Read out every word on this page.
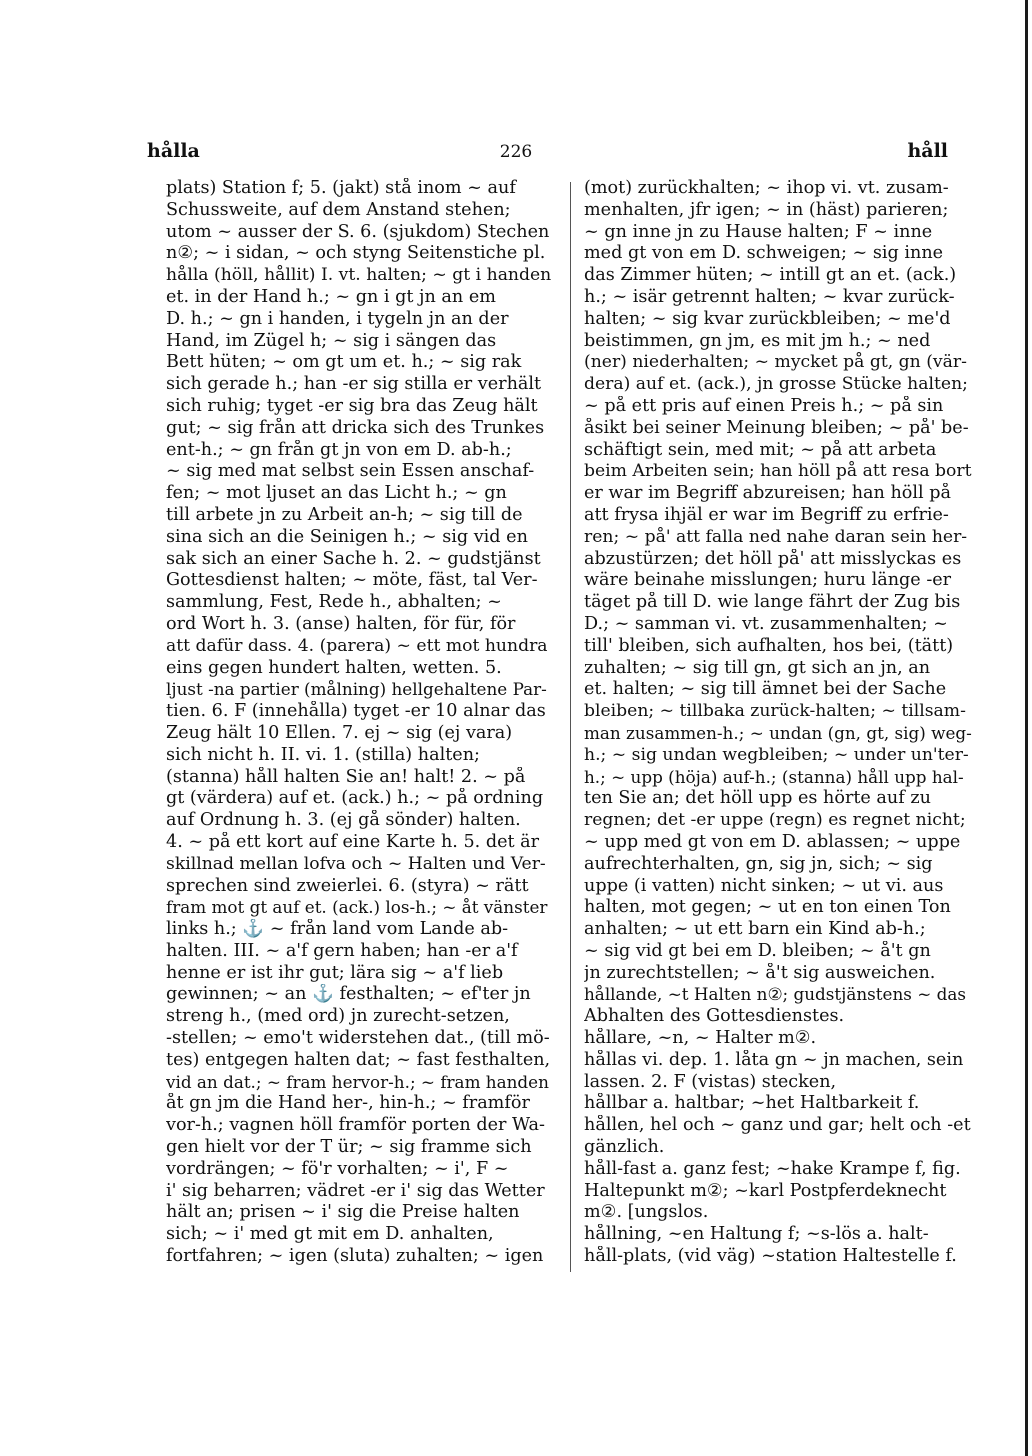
hålla	226	håll
plats) Station f; 5. (jakt) stå inom ~ auf
Schussweite, auf dem Anstand stehen;
utom ~ ausser der S. 6. (sjukdom) Stechen
n②; ~ i sidan, ~ och styng Seitenstiche pl.
hålla (höll, hållit) I. vt. halten; ~ gt i handen
et. in der Hand h.; ~ gn i gt jn an em
D. h.; ~ gn i handen, i tygeln jn an der
Hand, im Zügel h; ~ sig i sängen das
Bett hüten; ~ om gt um et. h.; ~ sig rak
sich gerade h.; han -er sig stilla er verhält
sich ruhig; tyget -er sig bra das Zeug hält
gut; ~ sig från att dricka sich des Trunkes
ent-h.; ~ gn från gt jn von em D. ab-h.;
~ sig med mat selbst sein Essen anschaf-
fen; ~ mot ljuset an das Licht h.; ~ gn
till arbete jn zu Arbeit an-h; ~ sig till de
sina sich an die Seinigen h.; ~ sig vid en
sak sich an einer Sache h. 2. ~ gudstjänst
Gottesdienst halten; ~ möte, fäst, tal Ver-
sammlung, Fest, Rede h., abhalten; ~
ord Wort h. 3. (anse) halten, för für, för
att dafür dass. 4. (parera) ~ ett mot hundra
eins gegen hundert halten, wetten. 5.
ljust -na partier (målning) hellgehaltene Par-
tien. 6. F (innehålla) tyget -er 10 alnar das
Zeug hält 10 Ellen. 7. ej ~ sig (ej vara)
sich nicht h. II. vi. 1. (stilla) halten;
(stanna) håll halten Sie an! halt! 2. ~ på
gt (värdera) auf et. (ack.) h.; ~ på ordning
auf Ordnung h. 3. (ej gå sönder) halten.
4. ~ på ett kort auf eine Karte h. 5. det är
skillnad mellan lofva och ~ Halten und Ver-
sprechen sind zweierlei. 6. (styra) ~ rätt
fram mot gt auf et. (ack.) los-h.; ~ åt vänster
links h.; ⚓ ~ från land vom Lande ab-
halten. III. ~ a'f gern haben; han -er a'f
henne er ist ihr gut; lära sig ~ a'f lieb
gewinnen; ~ an ⚓ festhalten; ~ ef'ter jn
streng h., (med ord) jn zurecht-setzen,
-stellen; ~ emo't widerstehen dat., (till mö-
tes) entgegen halten dat; ~ fast festhalten,
vid an dat.; ~ fram hervor-h.; ~ fram handen
åt gn jm die Hand her-, hin-h.; ~ framför
vor-h.; vagnen höll framför porten der Wa-
gen hielt vor der T ür; ~ sig framme sich
vordrängen; ~ fö'r vorhalten; ~ i', F ~
i' sig beharren; vädret -er i' sig das Wetter
hält an; prisen ~ i' sig die Preise halten
sich; ~ i' med gt mit em D. anhalten,
fortfahren; ~ igen (sluta) zuhalten; ~ igen
(mot) zurückhalten; ~ ihop vi. vt. zusam-
menhalten, jfr igen; ~ in (häst) parieren;
~ gn inne jn zu Hause halten; F ~ inne
med gt von em D. schweigen; ~ sig inne
das Zimmer hüten; ~ intill gt an et. (ack.)
h.; ~ isär getrennt halten; ~ kvar zurück-
halten; ~ sig kvar zurückbleiben; ~ me'd
beistimmen, gn jm, es mit jm h.; ~ ned
(ner) niederhalten; ~ mycket på gt, gn (vär-
dera) auf et. (ack.), jn grosse Stücke halten;
~ på ett pris auf einen Preis h.; ~ på sin
åsikt bei seiner Meinung bleiben; ~ på' be-
schäftigt sein, med mit; ~ på att arbeta
beim Arbeiten sein; han höll på att resa bort
er war im Begriff abzureisen; han höll på
att frysa ihjäl er war im Begriff zu erfrie-
ren; ~ på' att falla ned nahe daran sein her-
abzustürzen; det höll på' att misslyckas es
wäre beinahe misslungen; huru länge -er
täget på till D. wie lange fährt der Zug bis
D.; ~ samman vi. vt. zusammenhalten; ~
till' bleiben, sich aufhalten, hos bei, (tätt)
zuhalten; ~ sig till gn, gt sich an jn, an
et. halten; ~ sig till ämnet bei der Sache
bleiben; ~ tillbaka zurück-halten; ~ tillsam-
man zusammen-h.; ~ undan (gn, gt, sig) weg-
h.; ~ sig undan wegbleiben; ~ under un'ter-
h.; ~ upp (höja) auf-h.; (stanna) håll upp hal-
ten Sie an; det höll upp es hörte auf zu
regnen; det -er uppe (regn) es regnet nicht;
~ upp med gt von em D. ablassen; ~ uppe
aufrechterhalten, gn, sig jn, sich; ~ sig
uppe (i vatten) nicht sinken; ~ ut vi. aus
halten, mot gegen; ~ ut en ton einen Ton
anhalten; ~ ut ett barn ein Kind ab-h.;
~ sig vid gt bei em D. bleiben; ~ å't gn
jn zurechtstellen; ~ å't sig ausweichen.
hållande, ~t Halten n②; gudstjänstens ~ das
Abhalten des Gottesdienstes.
hållare, ~n, ~ Halter m②.
hållas vi. dep. 1. låta gn ~ jn machen, sein
lassen. 2. F (vistas) stecken,
hållbar a. haltbar; ~het Haltbarkeit f.
hållen, hel och ~ ganz und gar; helt och -et
gänzlich.
håll-fast a. ganz fest; ~hake Krampe f, fig.
Haltepunkt m②; ~karl Postpferdeknecht
m②. [ungslos.
hållning, ~en Haltung f; ~s-lös a. halt-
håll-plats, (vid väg) ~station Haltestelle f.
